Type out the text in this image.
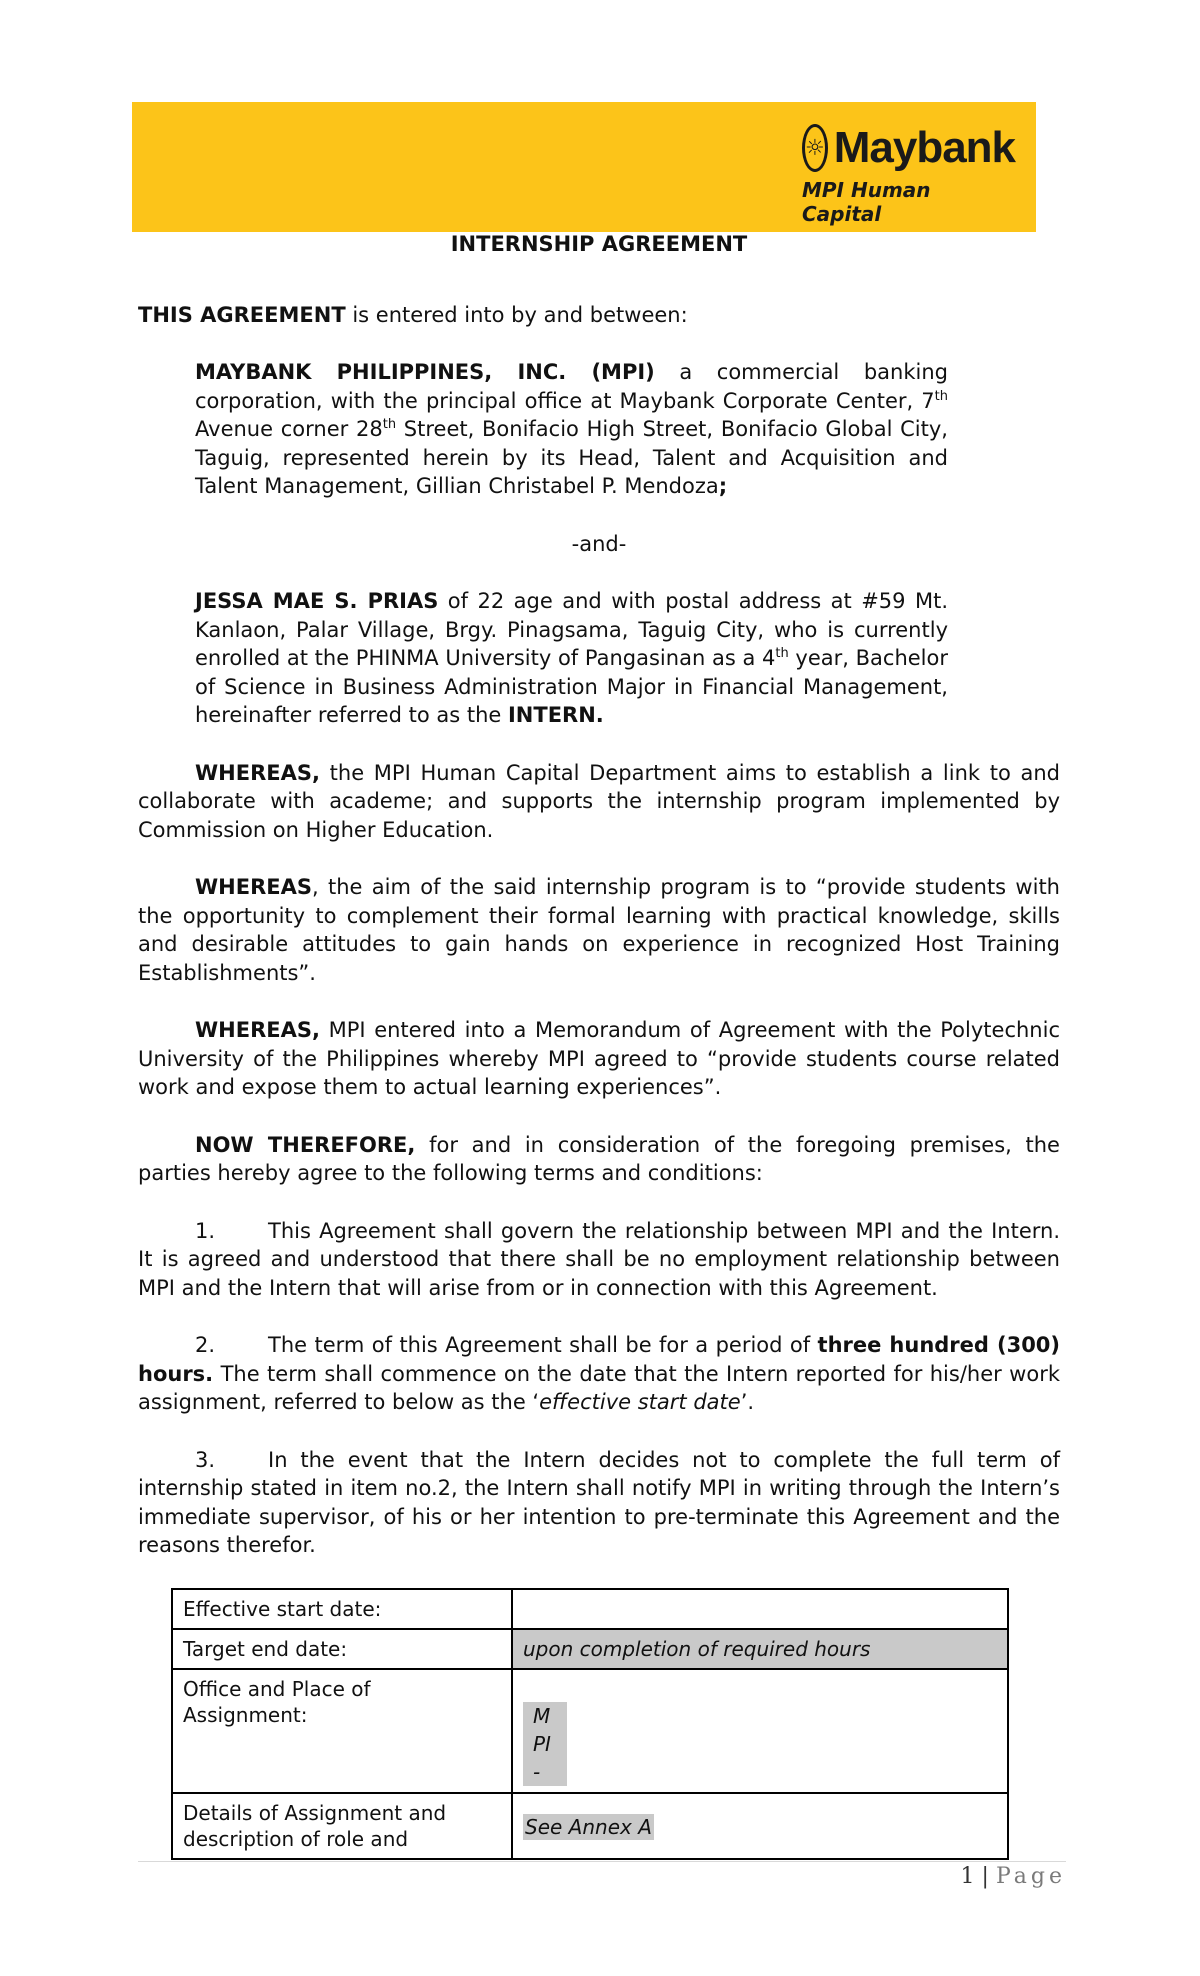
☼ Maybank
MPI Human Capital
INTERNSHIP AGREEMENT

THIS AGREEMENT is entered into by and between:

MAYBANK PHILIPPINES, INC. (MPI) a commercial banking corporation, with the principal office at Maybank Corporate Center, 7th Avenue corner 28th Street, Bonifacio High Street, Bonifacio Global City, Taguig, represented herein by its Head, Talent and Acquisition and Talent Management, Gillian Christabel P. Mendoza;

-and-

JESSA MAE S. PRIAS of 22 age and with postal address at #59 Mt. Kanlaon, Palar Village, Brgy. Pinagsama, Taguig City, who is currently enrolled at the PHINMA University of Pangasinan as a 4th year, Bachelor of Science in Business Administration Major in Financial Management, hereinafter referred to as the INTERN.

WHEREAS, the MPI Human Capital Department aims to establish a link to and collaborate with academe; and supports the internship program implemented by Commission on Higher Education.

WHEREAS, the aim of the said internship program is to “provide students with the opportunity to complement their formal learning with practical knowledge, skills and desirable attitudes to gain hands on experience in recognized Host Training Establishments”.

WHEREAS, MPI entered into a Memorandum of Agreement with the Polytechnic University of the Philippines whereby MPI agreed to “provide students course related work and expose them to actual learning experiences”.

NOW THEREFORE, for and in consideration of the foregoing premises, the parties hereby agree to the following terms and conditions:

1.	This Agreement shall govern the relationship between MPI and the Intern. It is agreed and understood that there shall be no employment relationship between MPI and the Intern that will arise from or in connection with this Agreement.

2.	The term of this Agreement shall be for a period of three hundred (300) hours. The term shall commence on the date that the Intern reported for his/her work assignment, referred to below as the ‘effective start date’.

3.	In the event that the Intern decides not to complete the full term of internship stated in item no.2, the Intern shall notify MPI in writing through the Intern’s immediate supervisor, of his or her intention to pre-terminate this Agreement and the reasons therefor.

Effective start date:	
Target end date:	upon completion of required hours
Office and Place of Assignment:	M
PI
-

Details of Assignment and
description of role and	See Annex A
1 | Page
